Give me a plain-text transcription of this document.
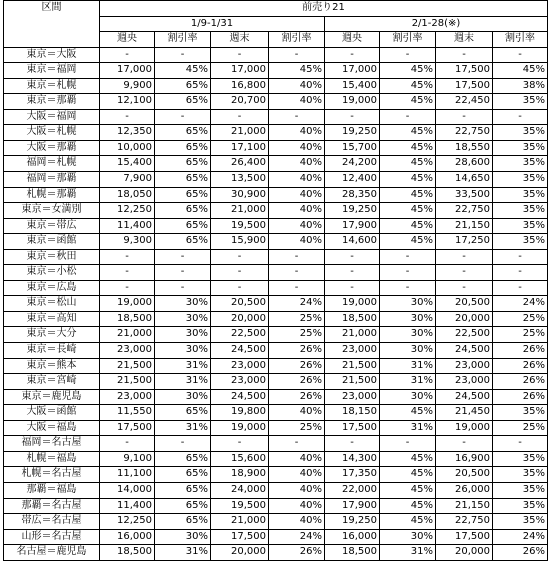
区間	前売り21							
	1/9-1/31				2/1-28(※)			
	週央	割引率	週末	割引率	週央	割引率	週末	割引率
東京＝大阪	-	-	-	-	-	-	-	-
東京＝福岡	17,000	45%	17,000	45%	17,000	45%	17,500	45%
東京＝札幌	9,900	65%	16,800	40%	15,400	45%	17,500	38%
東京＝那覇	12,100	65%	20,700	40%	19,000	45%	22,450	35%
大阪＝福岡	-	-	-	-	-	-	-	-
大阪＝札幌	12,350	65%	21,000	40%	19,250	45%	22,750	35%
大阪＝那覇	10,000	65%	17,100	40%	15,700	45%	18,550	35%
福岡＝札幌	15,400	65%	26,400	40%	24,200	45%	28,600	35%
福岡＝那覇	7,900	65%	13,500	40%	12,400	45%	14,650	35%
札幌＝那覇	18,050	65%	30,900	40%	28,350	45%	33,500	35%
東京＝女満別	12,250	65%	21,000	40%	19,250	45%	22,750	35%
東京＝帯広	11,400	65%	19,500	40%	17,900	45%	21,150	35%
東京＝函館	9,300	65%	15,900	40%	14,600	45%	17,250	35%
東京＝秋田	-	-	-	-	-	-	-	-
東京＝小松	-	-	-	-	-	-	-	-
東京＝広島	-	-	-	-	-	-	-	-
東京＝松山	19,000	30%	20,500	24%	19,000	30%	20,500	24%
東京＝高知	18,500	30%	20,000	25%	18,500	30%	20,000	25%
東京＝大分	21,000	30%	22,500	25%	21,000	30%	22,500	25%
東京＝長崎	23,000	30%	24,500	26%	23,000	30%	24,500	26%
東京＝熊本	21,500	31%	23,000	26%	21,500	31%	23,000	26%
東京＝宮崎	21,500	31%	23,000	26%	21,500	31%	23,000	26%
東京＝鹿児島	23,000	30%	24,500	26%	23,000	30%	24,500	26%
大阪＝函館	11,550	65%	19,800	40%	18,150	45%	21,450	35%
大阪＝福島	17,500	31%	19,000	25%	17,500	31%	19,000	25%
福岡＝名古屋	-	-	-	-	-	-	-	-
札幌＝福島	9,100	65%	15,600	40%	14,300	45%	16,900	35%
札幌＝名古屋	11,100	65%	18,900	40%	17,350	45%	20,500	35%
那覇＝福島	14,000	65%	24,000	40%	22,000	45%	26,000	35%
那覇＝名古屋	11,400	65%	19,500	40%	17,900	45%	21,150	35%
帯広＝名古屋	12,250	65%	21,000	40%	19,250	45%	22,750	35%
山形＝名古屋	16,000	30%	17,500	24%	16,000	30%	17,500	24%
名古屋＝鹿児島	18,500	31%	20,000	26%	18,500	31%	20,000	26%
